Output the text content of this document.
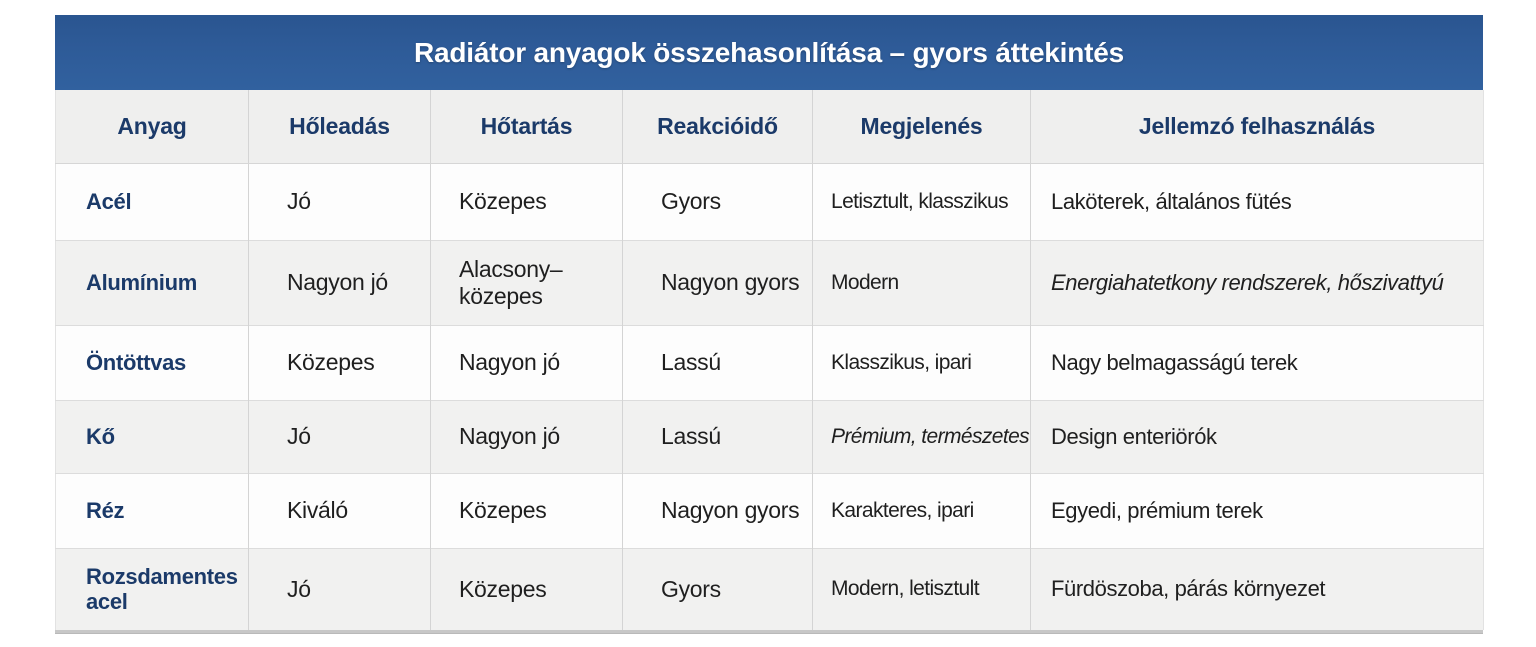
Radiátor anyagok összehasonlítása – gyors áttekintés
Anyag	Hőleadás	Hőtartás	Reakcióidő	Megjelenés	Jellemzó felhasználás
Acél	Jó	Közepes	Gyors	Letisztult, klasszikus	Laköterek, általános fütés
Alumínium	Nagyon jó	Alacsony–közepes	Nagyon gyors	Modern	Energiahatetkony rendszerek, hőszivattyú
Öntöttvas	Közepes	Nagyon jó	Lassú	Klasszikus, ipari	Nagy belmagasságú terek
Kő	Jó	Nagyon jó	Lassú	Prémium, természetes	Design enteriörók
Réz	Kiváló	Közepes	Nagyon gyors	Karakteres, ipari	Egyedi, prémium terek
Rozsdamentes acel	Jó	Közepes	Gyors	Modern, letisztult	Fürdöszoba, párás környezet
